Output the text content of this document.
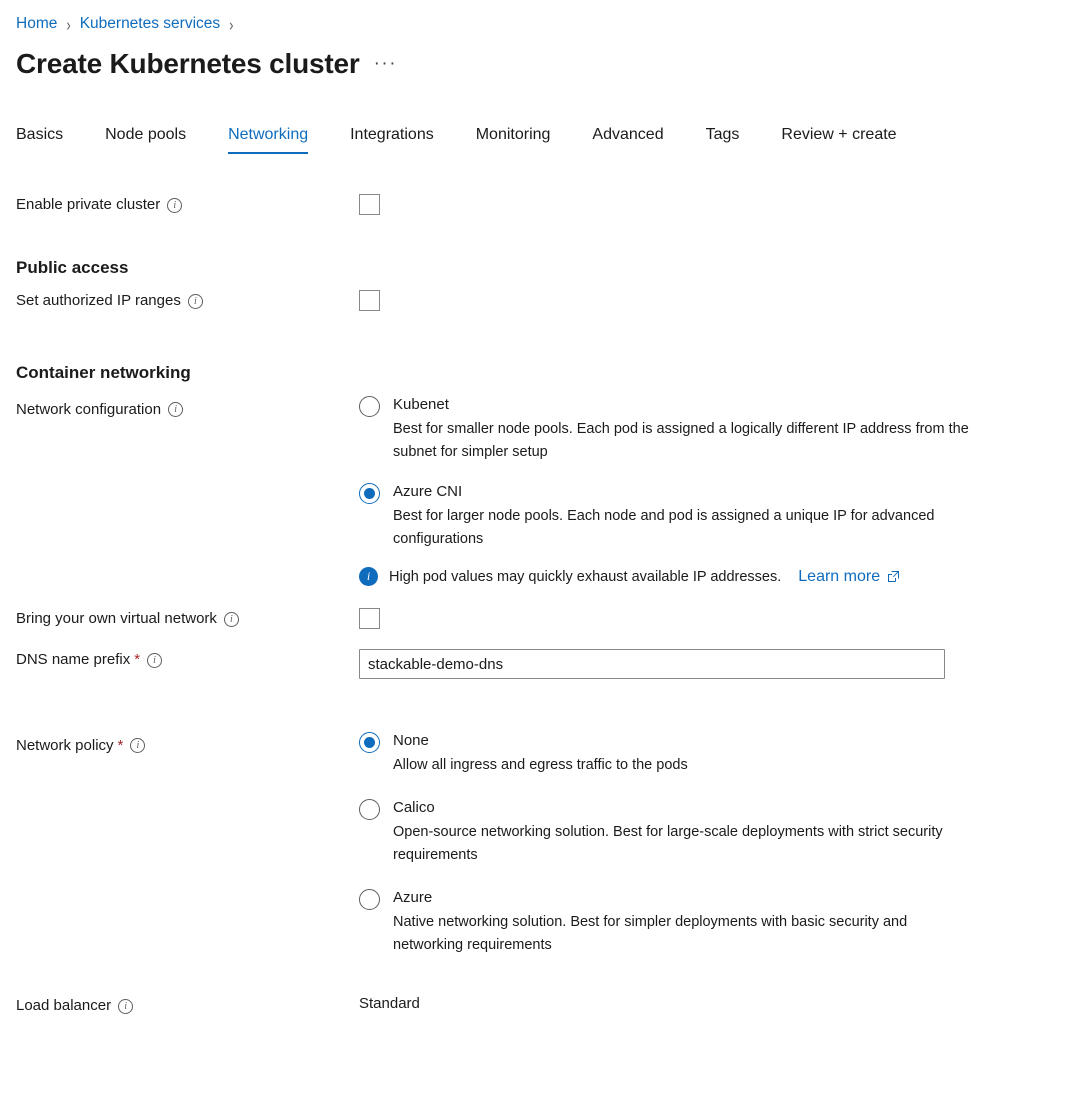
Home › Kubernetes services ›
Create Kubernetes cluster ···
Basics	Node pools	Networking	Integrations	Monitoring	Advanced	Tags	Review + create
Enable private cluster	i
Public access
Set authorized IP ranges	i
Container networking
Network configuration	i	Kubenet
Best for smaller node pools. Each pod is assigned a logically different IP address from the subnet for simpler setup
Azure CNI
Best for larger node pools. Each node and pod is assigned a unique IP for advanced configurations
i	High pod values may quickly exhaust available IP addresses. Learn more
Bring your own virtual network	i
DNS name prefix *	i
stackable-demo-dns
Network policy *	i	None
Allow all ingress and egress traffic to the pods
Calico
Open-source networking solution. Best for large-scale deployments with strict security requirements
Azure
Native networking solution. Best for simpler deployments with basic security and networking requirements
Load balancer	i	Standard
